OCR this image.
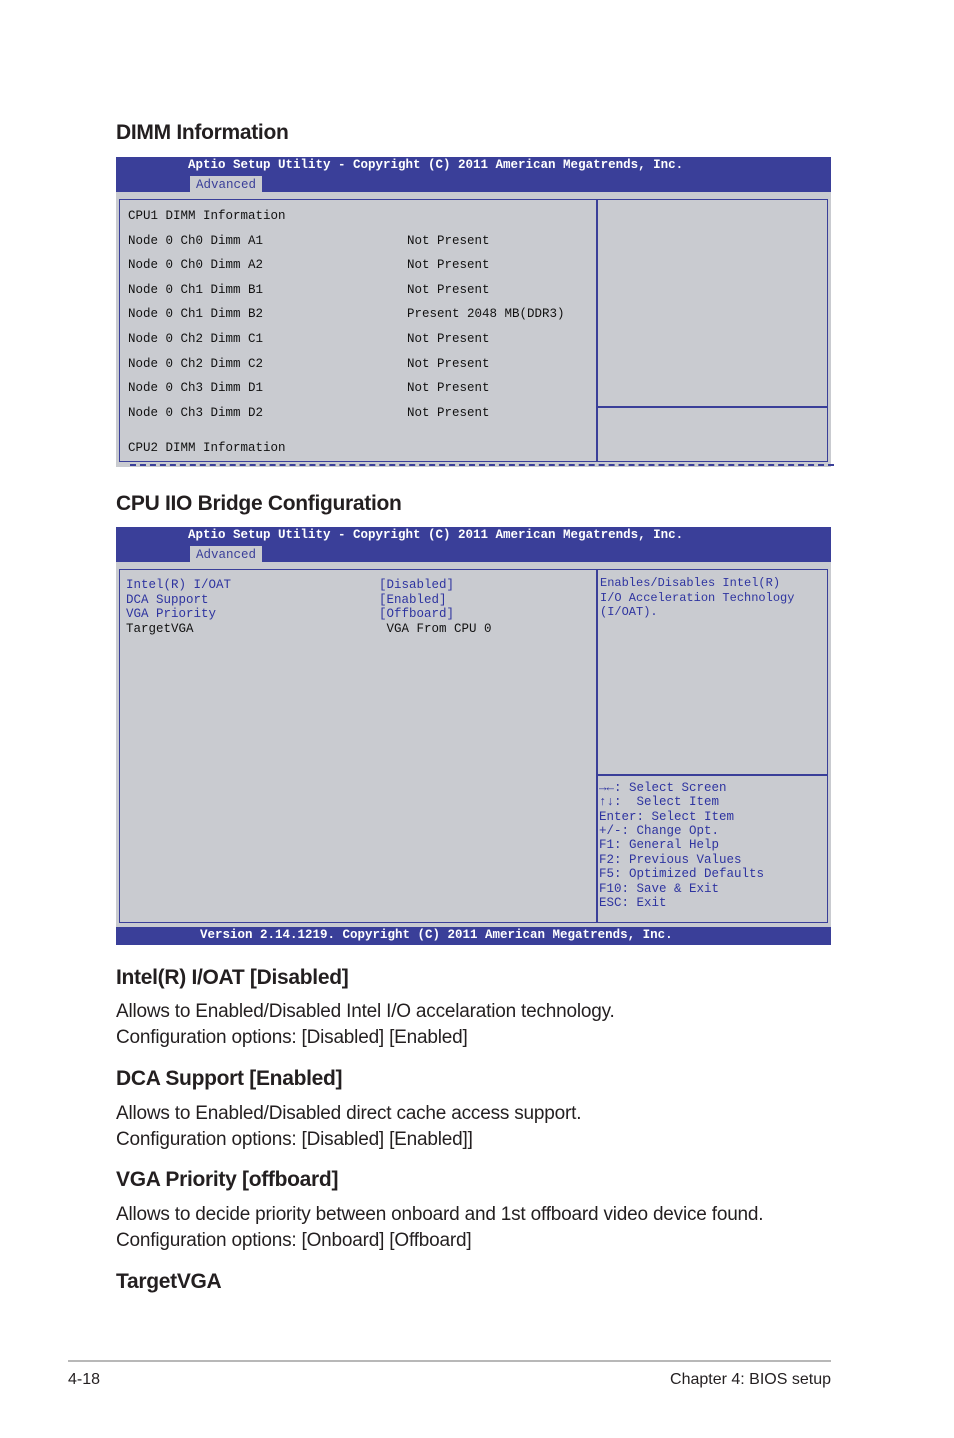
DIMM Information
Aptio Setup Utility - Copyright (C) 2011 American Megatrends, Inc.
Advanced
CPU1 DIMM Information
Node 0 Ch0 Dimm A1	Not Present
Node 0 Ch0 Dimm A2	Not Present
Node 0 Ch1 Dimm B1	Not Present
Node 0 Ch1 Dimm B2	Present 2048 MB(DDR3)
Node 0 Ch2 Dimm C1	Not Present
Node 0 Ch2 Dimm C2	Not Present
Node 0 Ch3 Dimm D1	Not Present
Node 0 Ch3 Dimm D2	Not Present
CPU2 DIMM Information
CPU IIO Bridge Configuration
Aptio Setup Utility - Copyright (C) 2011 American Megatrends, Inc.
Advanced
Intel(R) I/OAT	[Disabled]
DCA Support	[Enabled]
VGA Priority	[Offboard]
TargetVGA	VGA From CPU 0
Enables/Disables Intel(R)
I/O Acceleration Technology
(I/OAT).
→←: Select Screen
↑↓:  Select Item
Enter: Select Item
+/-: Change Opt.
F1: General Help
F2: Previous Values
F5: Optimized Defaults
F10: Save & Exit
ESC: Exit
Version 2.14.1219. Copyright (C) 2011 American Megatrends, Inc.
Intel(R) I/OAT [Disabled]

Allows to Enabled/Disabled Intel I/O accelaration technology.

Configuration options: [Disabled] [Enabled]

DCA Support [Enabled]

Allows to Enabled/Disabled direct cache access support.

Configuration options: [Disabled] [Enabled]]

VGA Priority [offboard]

Allows to decide priority between onboard and 1st offboard video device found.

Configuration options: [Onboard] [Offboard]

TargetVGA
4-18	Chapter 4: BIOS setup
